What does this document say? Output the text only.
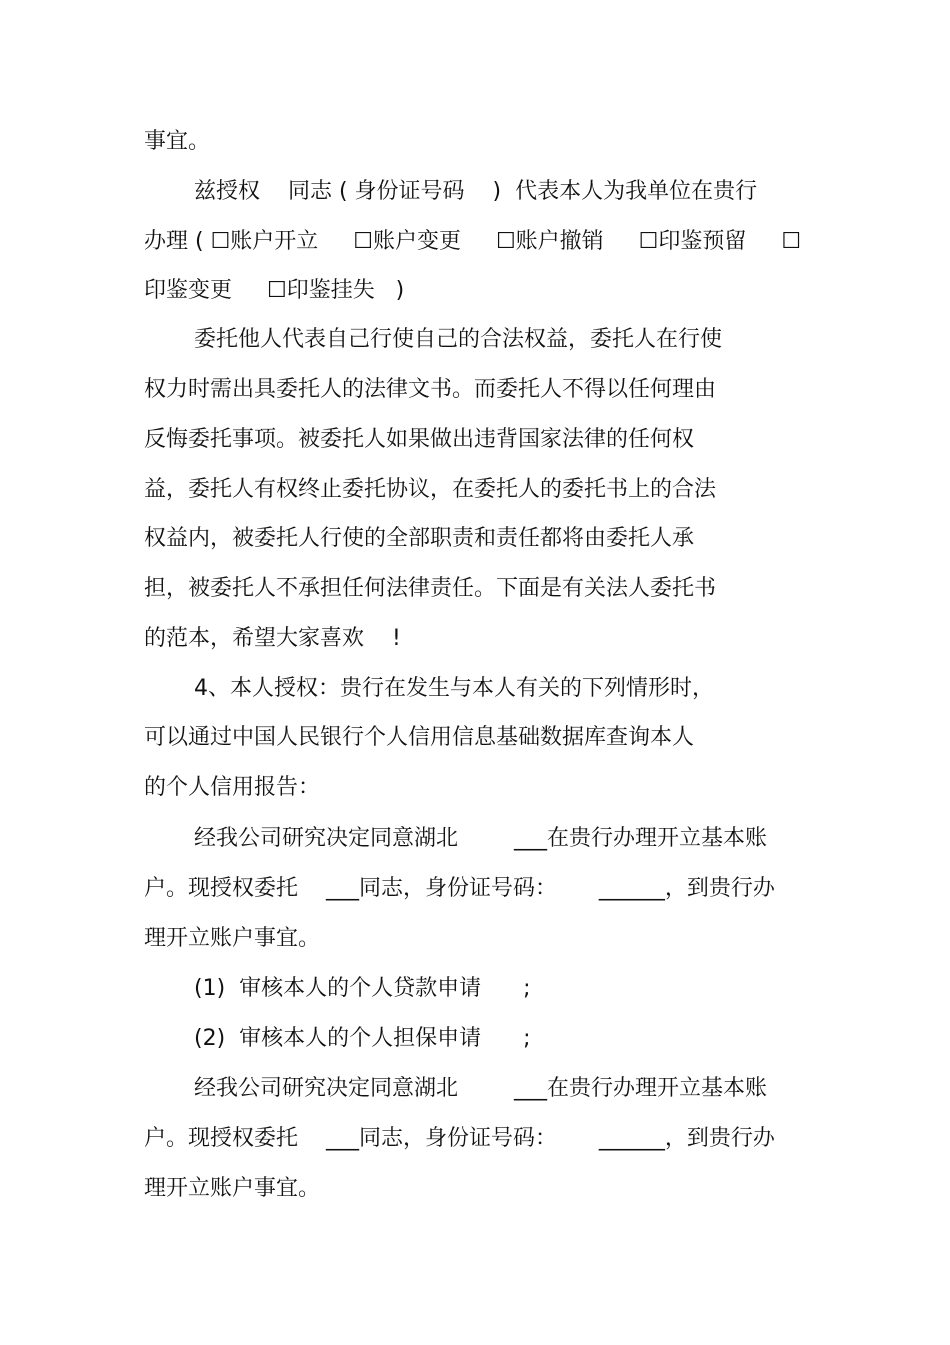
事宜。
兹授权    同志 ( 身份证号码    )  代表本人为我单位在贵行
办理 ( ☐账户开立     ☐账户变更     ☐账户撤销     ☐印鉴预留     ☐
印鉴变更     ☐印鉴挂失   )
委托他人代表自己行使自己的合法权益，委托人在行使
权力时需出具委托人的法律文书。而委托人不得以任何理由
反悔委托事项。被委托人如果做出违背国家法律的任何权
益，委托人有权终止委托协议，在委托人的委托书上的合法
权益内，被委托人行使的全部职责和责任都将由委托人承
担，被委托人不承担任何法律责任。下面是有关法人委托书
的范本，希望大家喜欢    !
4、本人授权：贵行在发生与本人有关的下列情形时，
可以通过中国人民银行个人信用信息基础数据库查询本人
的个人信用报告：
经我公司研究决定同意湖北        ___在贵行办理开立基本账
户。现授权委托    ___同志，身份证号码：      ______，到贵行办
理开立账户事宜。
(1)  审核本人的个人贷款申请      ;
(2)  审核本人的个人担保申请      ;
经我公司研究决定同意湖北        ___在贵行办理开立基本账
户。现授权委托    ___同志，身份证号码：      ______，到贵行办
理开立账户事宜。
